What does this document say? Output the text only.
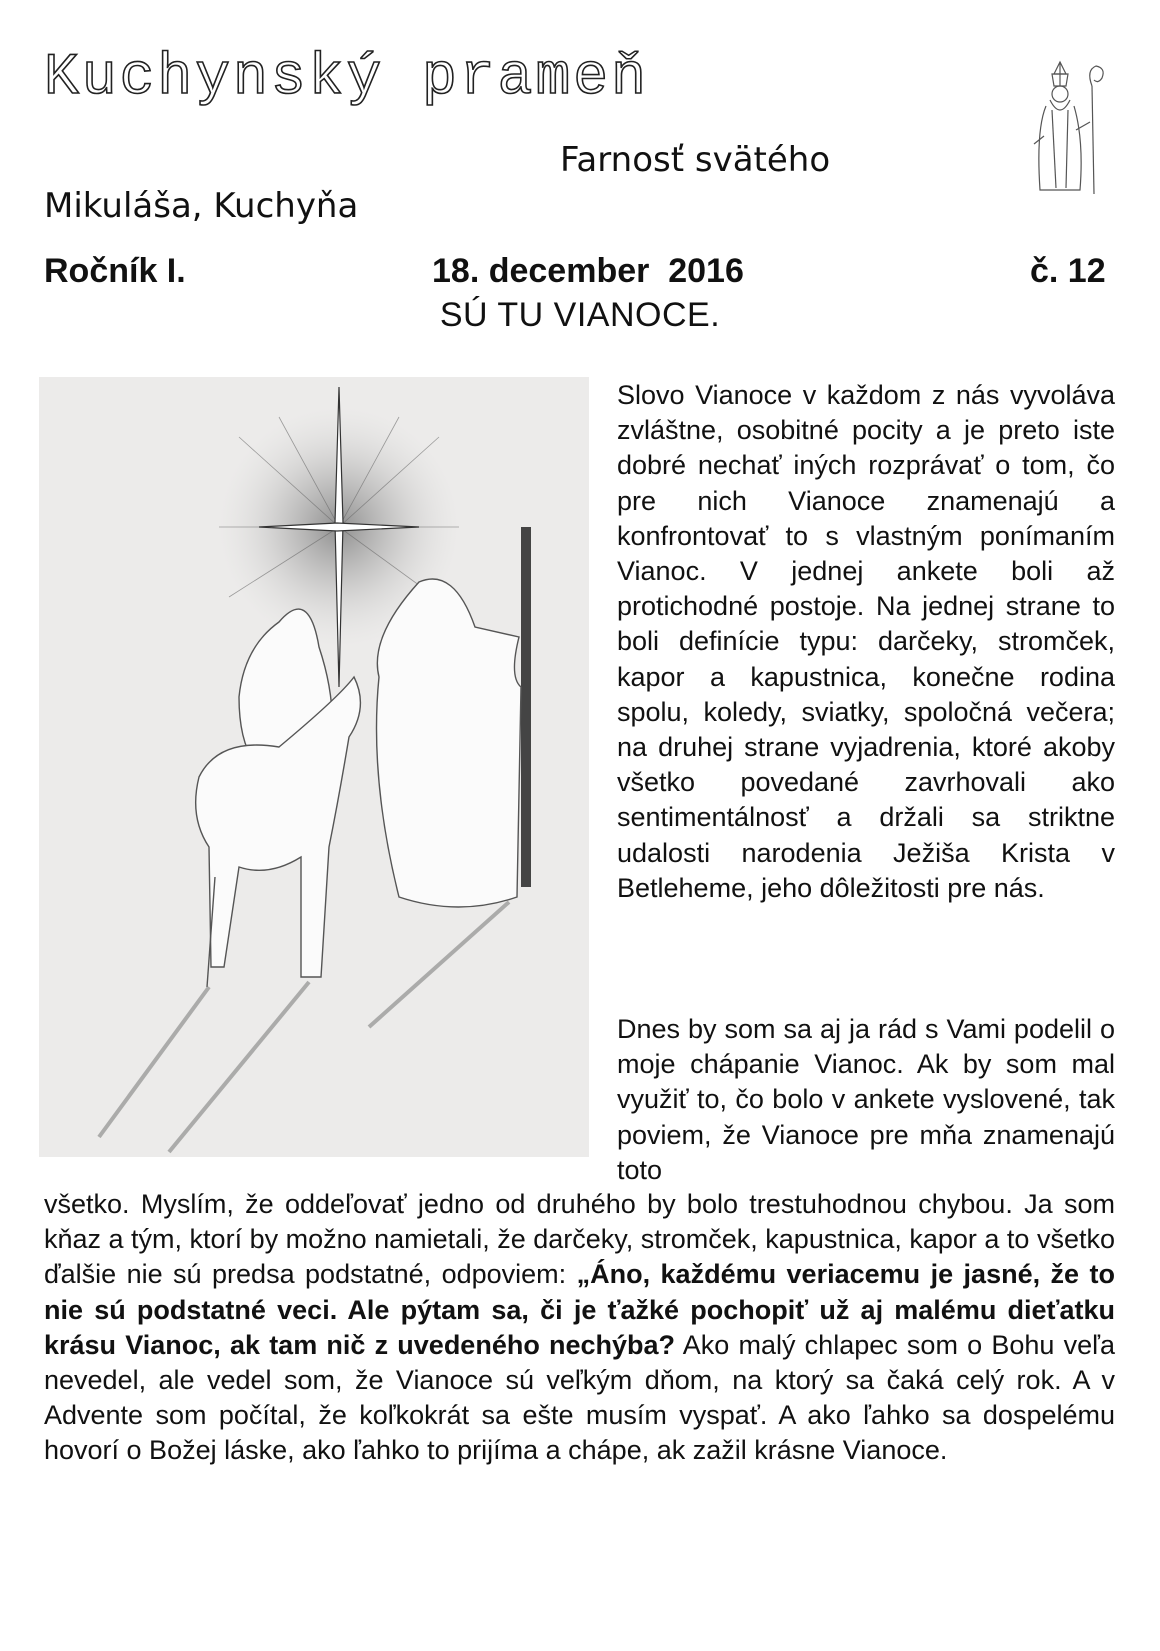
Kuchynský prameň
Farnosť svätého
Mikuláša, Kuchyňa
Ročník I.	18. december  2016	č. 12
SÚ TU VIANOCE.

Slovo Vianoce v každom z nás vyvoláva zvláštne, osobitné pocity a je preto iste dobré nechať iných rozprávať o tom, čo pre nich Vianoce znamenajú a konfrontovať to s vlastným ponímaním Vianoc. V jednej ankete boli až protichodné postoje. Na jednej strane to boli definície typu: darčeky, stromček, kapor a kapustnica, konečne rodina spolu, koledy, sviatky, spoločná večera; na druhej strane vyjadrenia, ktoré akoby všetko povedané zavrhovali ako sentimentálnosť a držali sa striktne udalosti narodenia Ježiša Krista v Betleheme, jeho dôležitosti pre nás.

Dnes by som sa aj ja rád s Vami podelil o moje chápanie Vianoc. Ak by som mal využiť to, čo bolo v ankete vyslovené, tak poviem, že Vianoce pre mňa znamenajú toto

všetko. Myslím, že oddeľovať jedno od druhého by bolo trestuhodnou chybou. Ja som kňaz a tým, ktorí by možno namietali, že darčeky, stromček, kapustnica, kapor a to všetko ďalšie nie sú predsa podstatné, odpoviem: „Áno, každému veriacemu je jasné, že to nie sú podstatné veci. Ale pýtam sa, či je ťažké pochopiť už aj malému dieťatku krásu Vianoc, ak tam nič z uvedeného nechýba? Ako malý chlapec som o Bohu veľa nevedel, ale vedel som, že Vianoce sú veľkým dňom, na ktorý sa čaká celý rok. A v Advente som počítal, že koľkokrát sa ešte musím vyspať. A ako ľahko sa dospelému hovorí o Božej láske, ako ľahko to prijíma a chápe, ak zažil krásne Vianoce.
